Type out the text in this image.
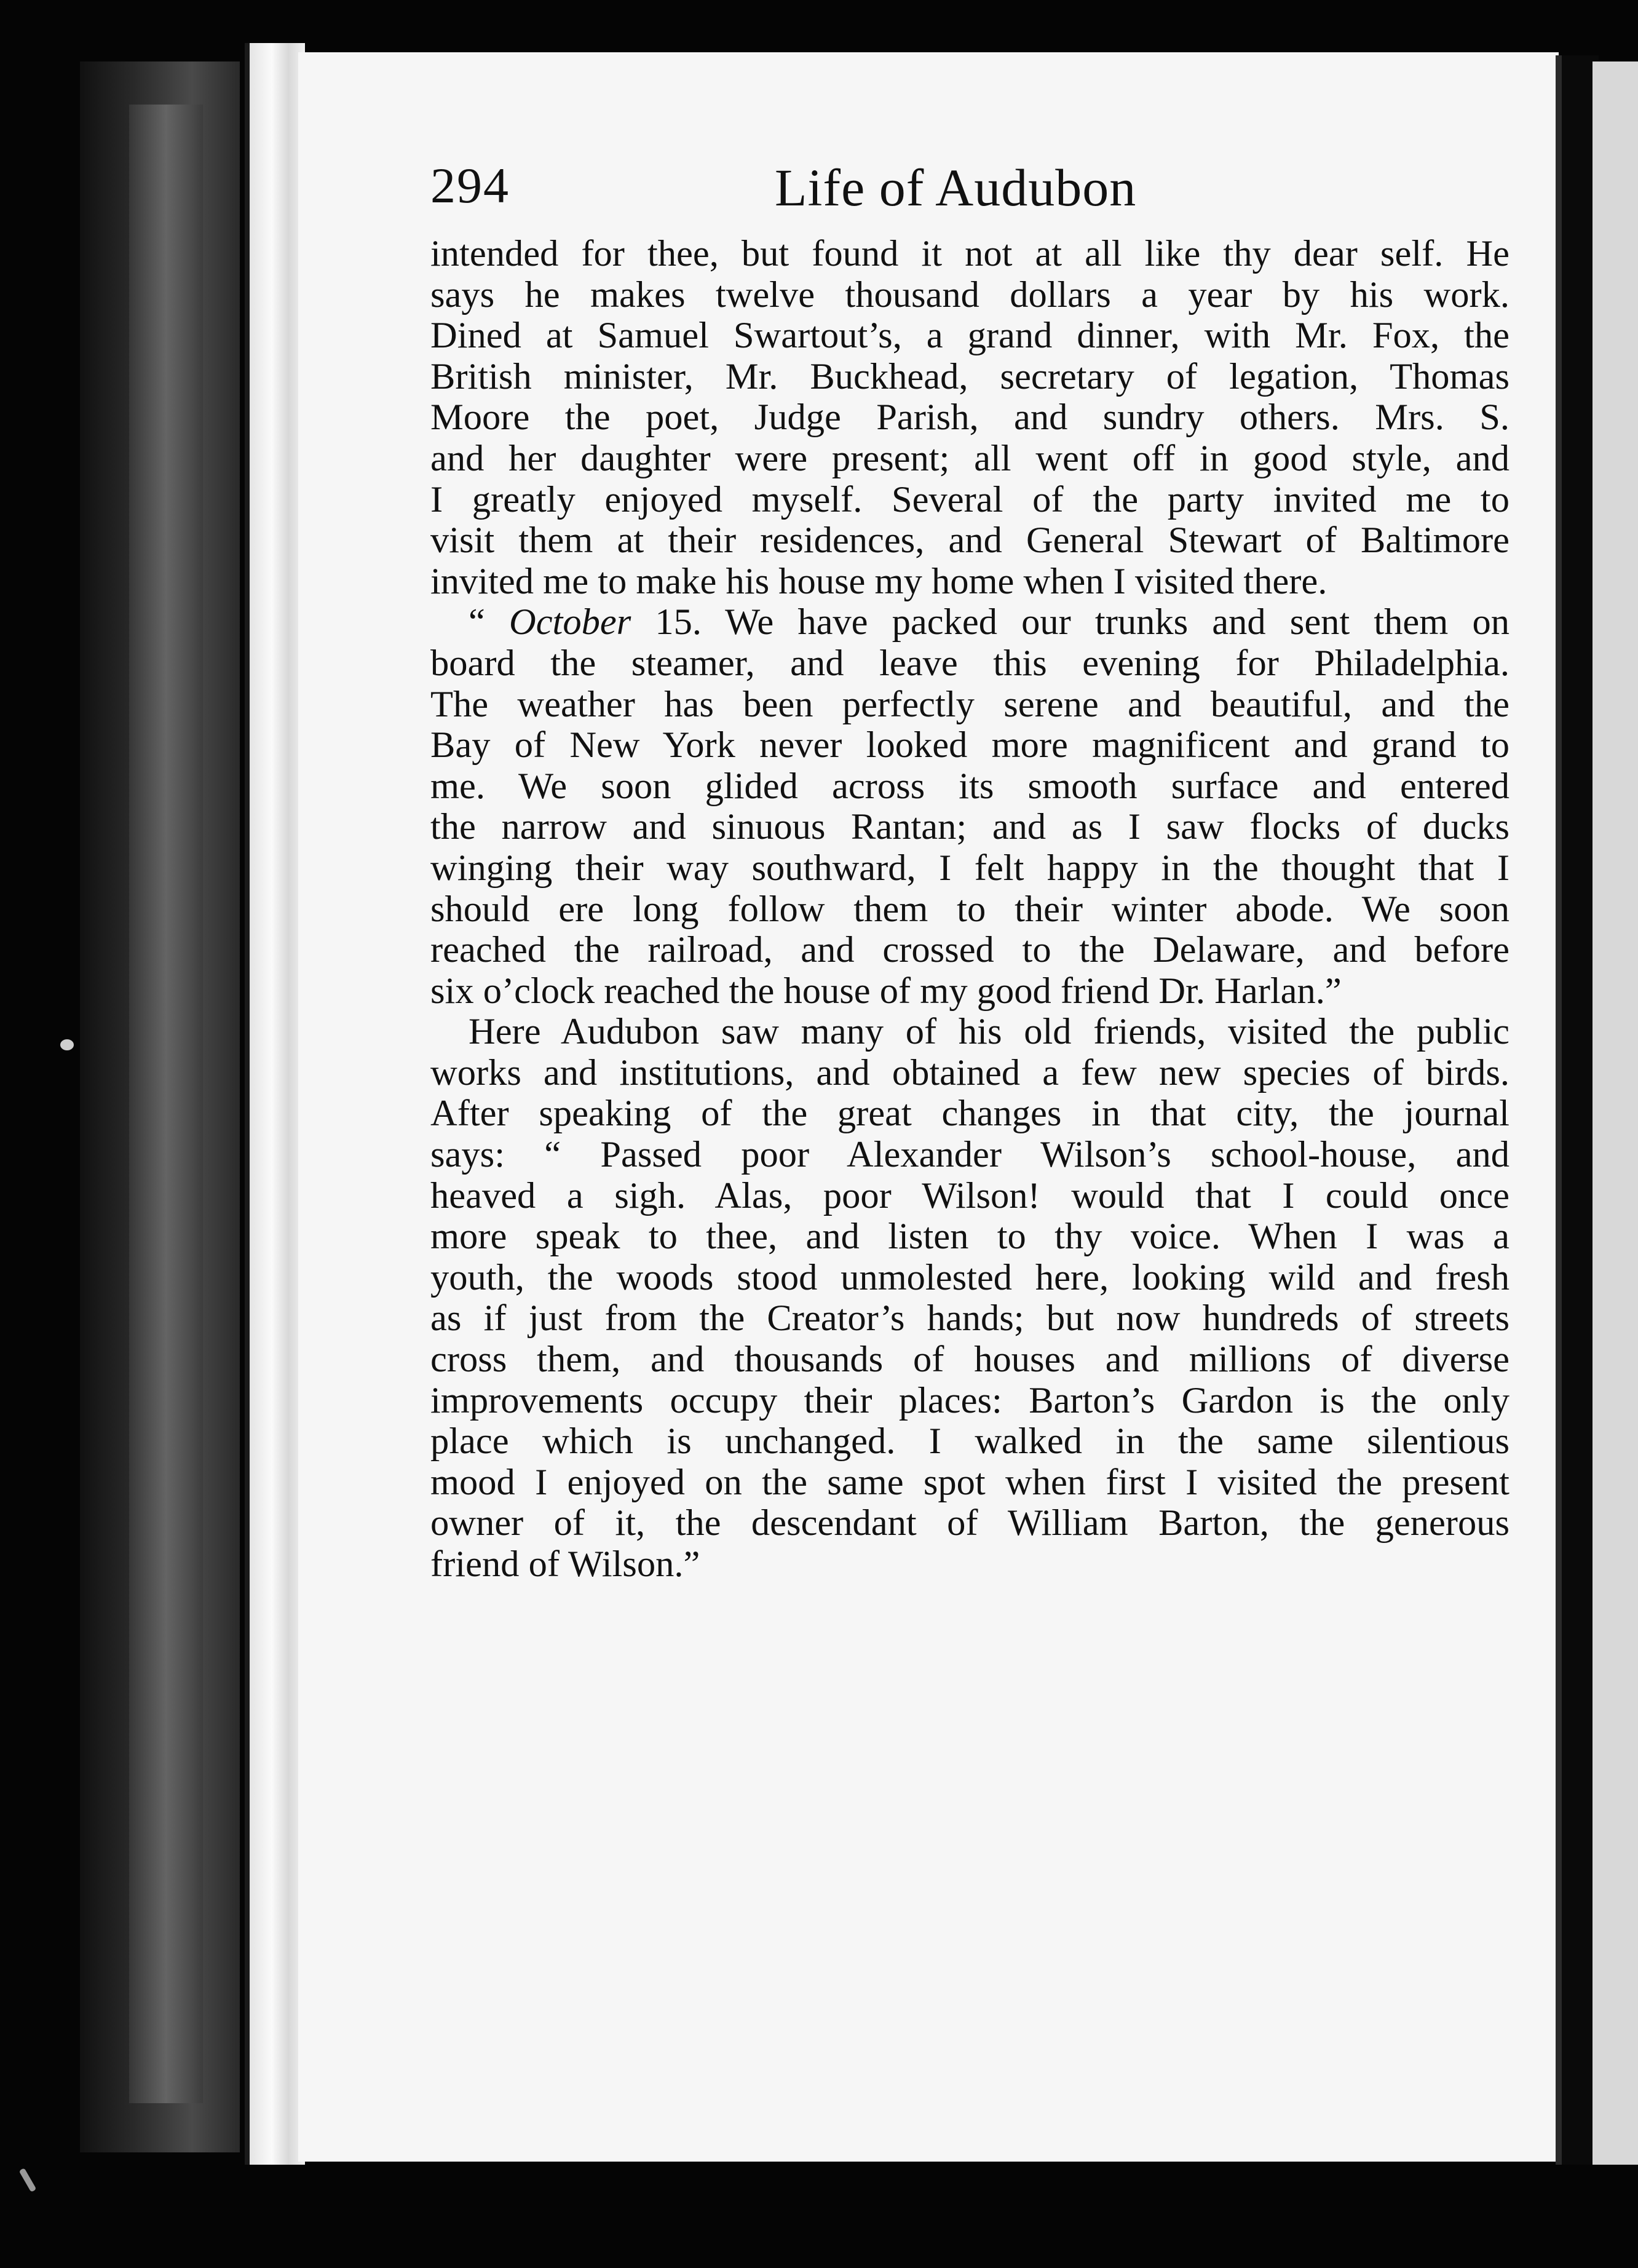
294	Life of Audubon
intended for thee, but found it not at all like thy dear self. He
says he makes twelve thousand dollars a year by his work.
Dined at Samuel Swartout’s, a grand dinner, with Mr. Fox, the
British minister, Mr. Buckhead, secretary of legation, Thomas
Moore the poet, Judge Parish, and sundry others. Mrs. S.
and her daughter were present; all went off in good style, and
I greatly enjoyed myself. Several of the party invited me to
visit them at their residences, and General Stewart of Baltimore
invited me to make his house my home when I visited there.
“ October 15. We have packed our trunks and sent them on
board the steamer, and leave this evening for Philadelphia.
The weather has been perfectly serene and beautiful, and the
Bay of New York never looked more magnificent and grand to
me. We soon glided across its smooth surface and entered
the narrow and sinuous Rantan; and as I saw flocks of ducks
winging their way southward, I felt happy in the thought that I
should ere long follow them to their winter abode. We soon
reached the railroad, and crossed to the Delaware, and before
six o’clock reached the house of my good friend Dr. Harlan.”
Here Audubon saw many of his old friends, visited the public
works and institutions, and obtained a few new species of birds.
After speaking of the great changes in that city, the journal
says: “ Passed poor Alexander Wilson’s school-house, and
heaved a sigh. Alas, poor Wilson! would that I could once
more speak to thee, and listen to thy voice. When I was a
youth, the woods stood unmolested here, looking wild and fresh
as if just from the Creator’s hands; but now hundreds of streets
cross them, and thousands of houses and millions of diverse
improvements occupy their places: Barton’s Gardon is the only
place which is unchanged. I walked in the same silentious
mood I enjoyed on the same spot when first I visited the present
owner of it, the descendant of William Barton, the generous
friend of Wilson.”
